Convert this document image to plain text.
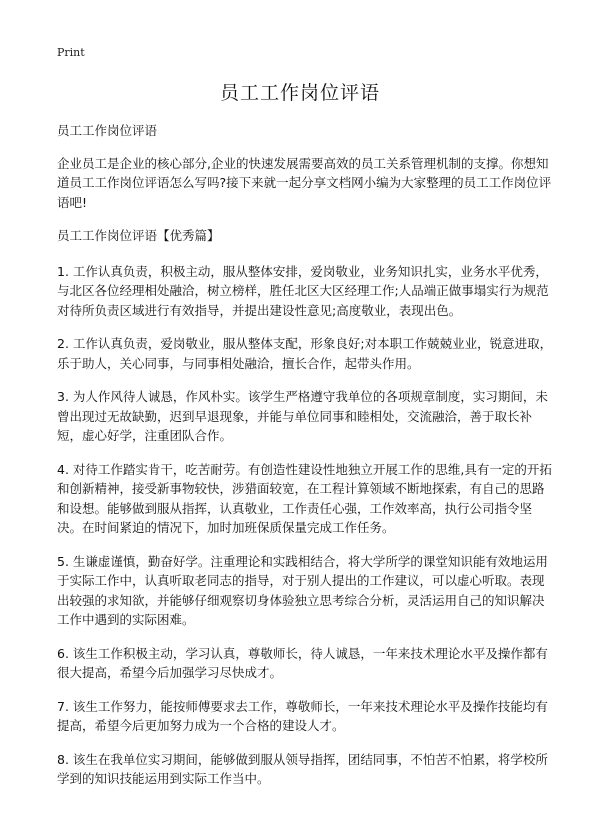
Print
员工工作岗位评语

员工工作岗位评语

企业员工是企业的核心部分,企业的快速发展需要高效的员工关系管理机制的支撑。你想知道员工工作岗位评语怎么写吗?接下来就一起分享文档网小编为大家整理的员工工作岗位评语吧!

员工工作岗位评语【优秀篇】

1. 工作认真负责，积极主动，服从整体安排，爱岗敬业，业务知识扎实，业务水平优秀，与北区各位经理相处融洽，树立榜样，胜任北区大区经理工作;人品端正做事塌实行为规范对待所负责区域进行有效指导，并提出建设性意见;高度敬业，表现出色。

2. 工作认真负责，爱岗敬业，服从整体支配，形象良好;对本职工作兢兢业业，锐意进取，乐于助人，关心同事，与同事相处融洽，擅长合作，起带头作用。

3. 为人作风待人诚恳，作风朴实。该学生严格遵守我单位的各项规章制度，实习期间，未曾出现过无故缺勤，迟到早退现象，并能与单位同事和睦相处，交流融洽，善于取长补短，虚心好学，注重团队合作。

4. 对待工作踏实肯干，吃苦耐劳。有创造性建设性地独立开展工作的思维,具有一定的开拓和创新精神，接受新事物较快，涉猎面较宽，在工程计算领域不断地探索，有自己的思路和设想。能够做到服从指挥，认真敬业，工作责任心强，工作效率高，执行公司指令坚决。在时间紧迫的情况下，加时加班保质保量完成工作任务。

5. 生谦虚谨慎，勤奋好学。注重理论和实践相结合，将大学所学的课堂知识能有效地运用于实际工作中，认真听取老同志的指导，对于别人提出的工作建议，可以虚心听取。表现出较强的求知欲，并能够仔细观察切身体验独立思考综合分析，灵活运用自己的知识解决工作中遇到的实际困难。

6. 该生工作积极主动，学习认真，尊敬师长，待人诚恳，一年来技术理论水平及操作都有很大提高，希望今后加强学习尽快成才。

7. 该生工作努力，能按师傅要求去工作，尊敬师长，一年来技术理论水平及操作技能均有提高，希望今后更加努力成为一个合格的建设人才。

8. 该生在我单位实习期间，能够做到服从领导指挥，团结同事，不怕苦不怕累，将学校所学到的知识技能运用到实际工作当中。
